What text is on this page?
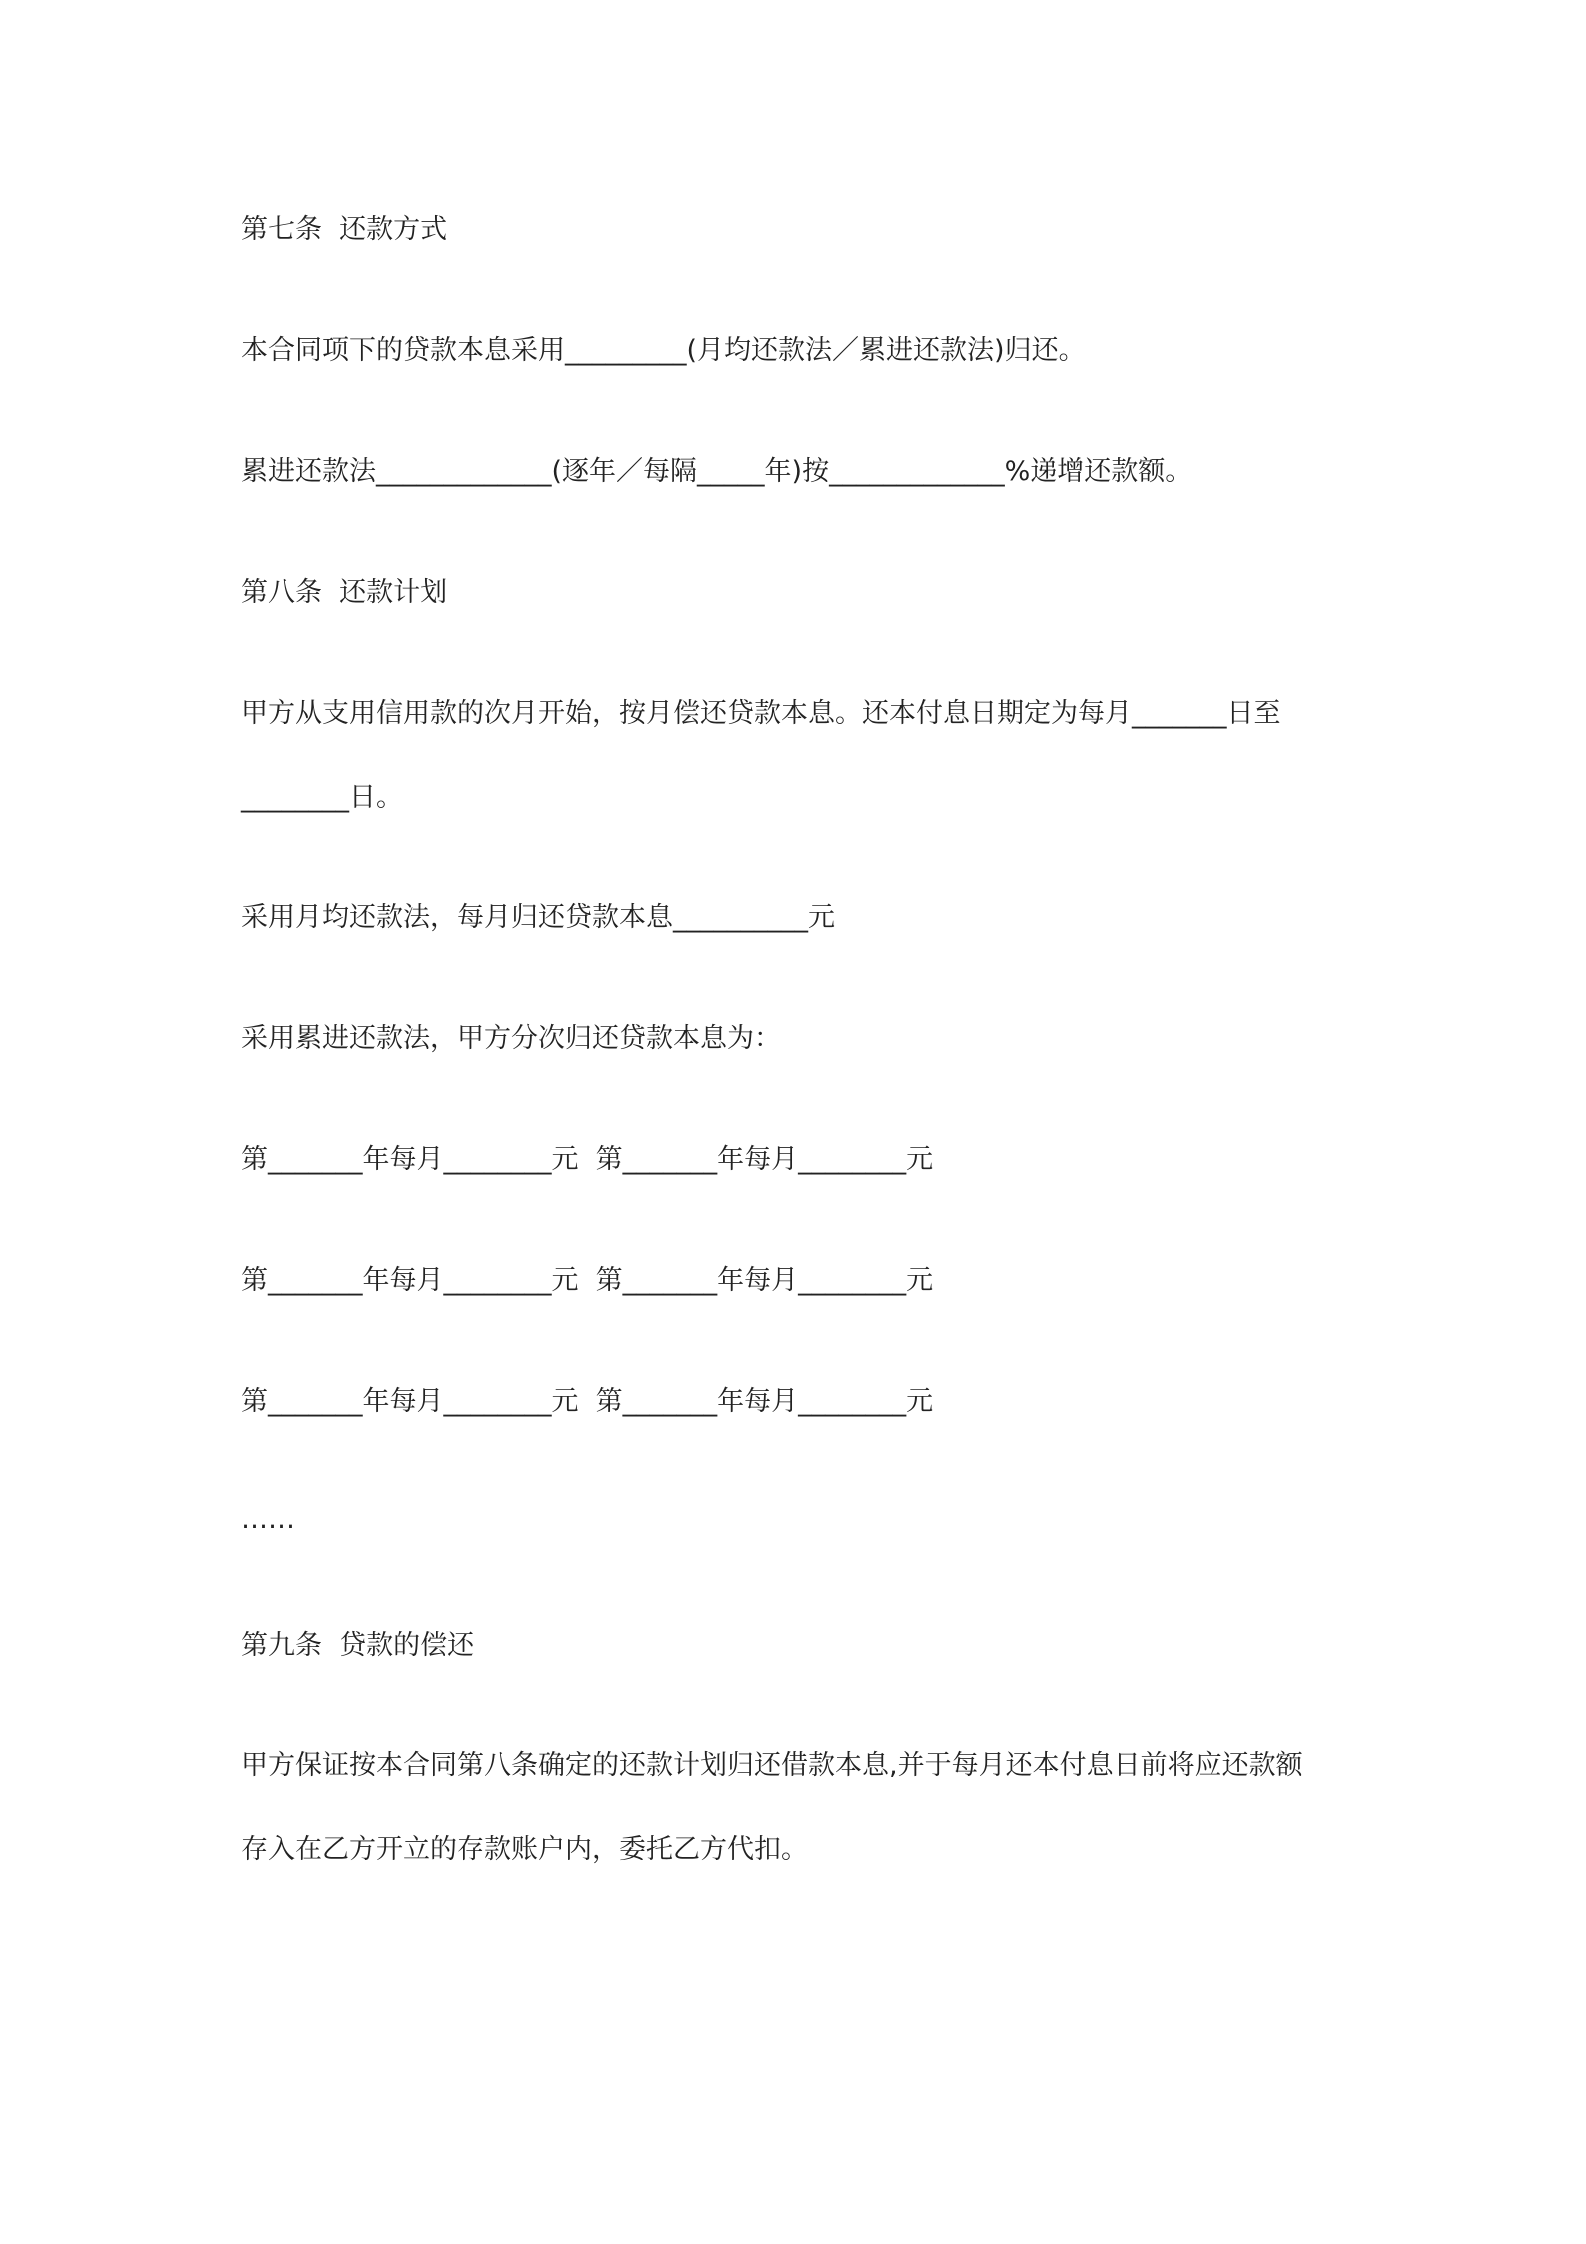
第七条  还款方式
本合同项下的贷款本息采用_________(月均还款法／累进还款法)归还。
累进还款法_____________(逐年／每隔_____年)按_____________%递增还款额。
第八条  还款计划
甲方从支用信用款的次月开始，按月偿还贷款本息。还本付息日期定为每月_______日至
________日。
采用月均还款法，每月归还贷款本息__________元
采用累进还款法，甲方分次归还贷款本息为：
第_______年每月________元  第_______年每月________元
第_______年每月________元  第_______年每月________元
第_______年每月________元  第_______年每月________元
……
第九条  贷款的偿还
甲方保证按本合同第八条确定的还款计划归还借款本息,并于每月还本付息日前将应还款额
存入在乙方开立的存款账户内，委托乙方代扣。
